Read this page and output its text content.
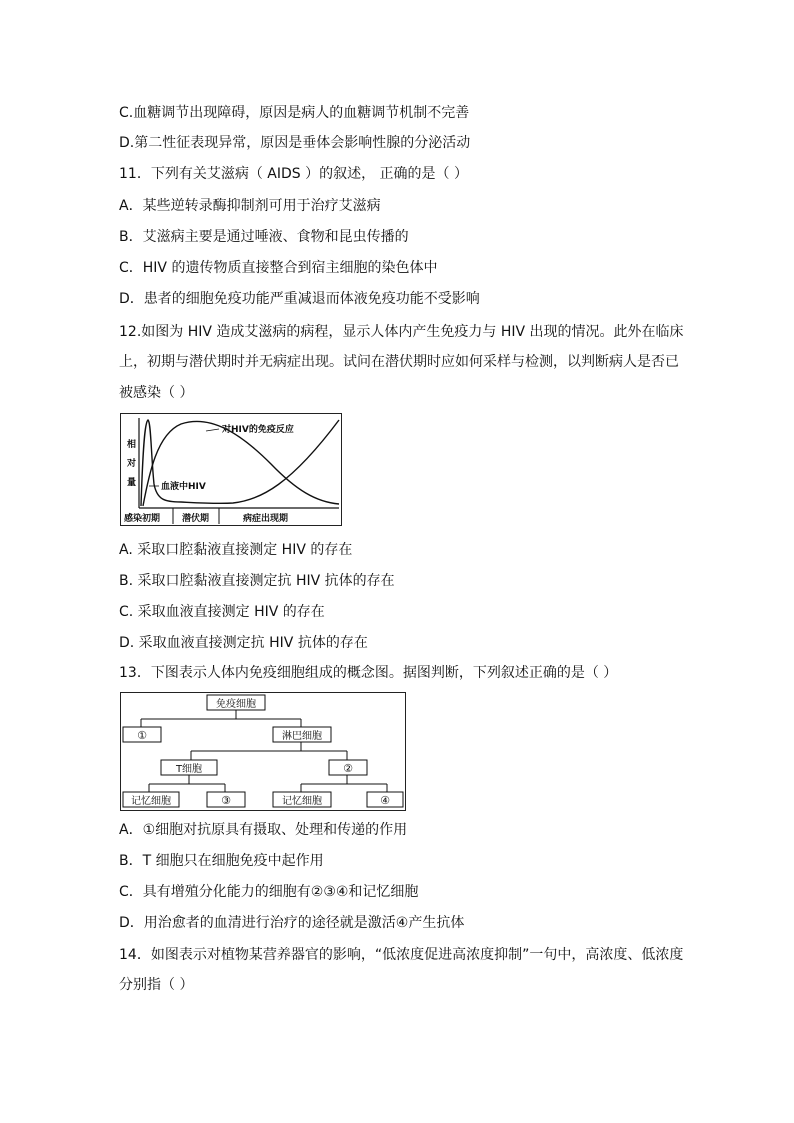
C.血糖调节出现障碍，原因是病人的血糖调节机制不完善
D.第二性征表现异常，原因是垂体会影响性腺的分泌活动
11．下列有关艾滋病（ AIDS ）的叙述， 正确的是（ ）
A．某些逆转录酶抑制剂可用于治疗艾滋病
B．艾滋病主要是通过唾液、食物和昆虫传播的
C．HIV 的遗传物质直接整合到宿主细胞的染色体中
D．患者的细胞免疫功能严重减退而体液免疫功能不受影响
12.如图为 HIV 造成艾滋病的病程，显示人体内产生免疫力与 HIV 出现的情况。此外在临床
上，初期与潜伏期时并无病症出现。试问在潜伏期时应如何采样与检测，以判断病人是否已
被感染（ ）
相
对
量
对HIV的免疫反应
血液中HIV
感染初期 潜伏期	病症出现期
A. 采取口腔黏液直接测定 HIV 的存在
B. 采取口腔黏液直接测定抗 HIV 抗体的存在
C. 采取血液直接测定 HIV 的存在
D. 采取血液直接测定抗 HIV 抗体的存在
13．下图表示人体内免疫细胞组成的概念图。据图判断，下列叙述正确的是（ ）
免疫细胞
①	淋巴细胞
T细胞	②
记忆细胞	③	记忆细胞	④
A．①细胞对抗原具有摄取、处理和传递的作用
B．T 细胞只在细胞免疫中起作用
C．具有增殖分化能力的细胞有②③④和记忆细胞
D．用治愈者的血清进行治疗的途径就是激活④产生抗体
14．如图表示对植物某营养器官的影响，“低浓度促进高浓度抑制”一句中，高浓度、低浓度
分别指（ ）
